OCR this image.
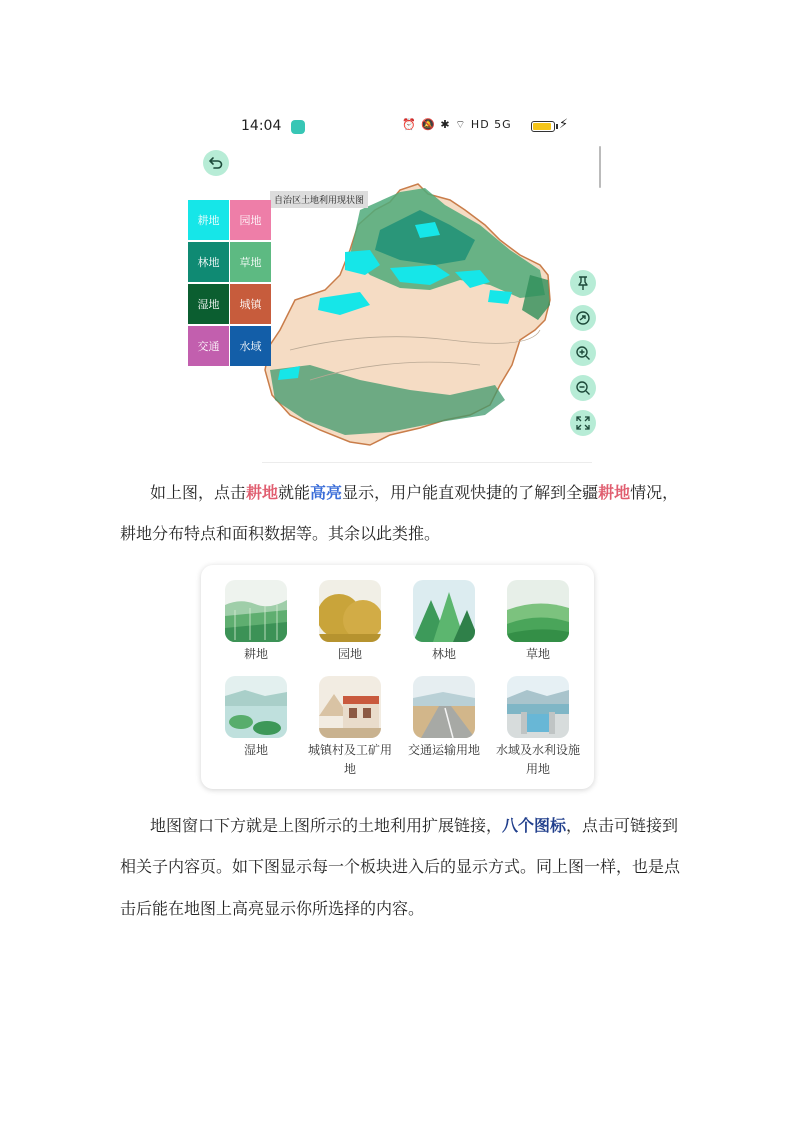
14:04	⏰ 🔕 ✱ ⌔ HD 5G	⚡
自治区土地利用现状图
耕地	园地
林地	草地
湿地	城镇
交通	水域
如上图，点击耕地就能高亮显示，用户能直观快捷的了解到全疆耕地情况，
耕地分布特点和面积数据等。其余以此类推。
耕地	园地	林地	草地
湿地	城镇村及工矿用地
交通运输用地	水域及水利设施用地
地图窗口下方就是上图所示的土地利用扩展链接，八个图标，点击可链接到
相关子内容页。如下图显示每一个板块进入后的显示方式。同上图一样，也是点
击后能在地图上高亮显示你所选择的内容。
